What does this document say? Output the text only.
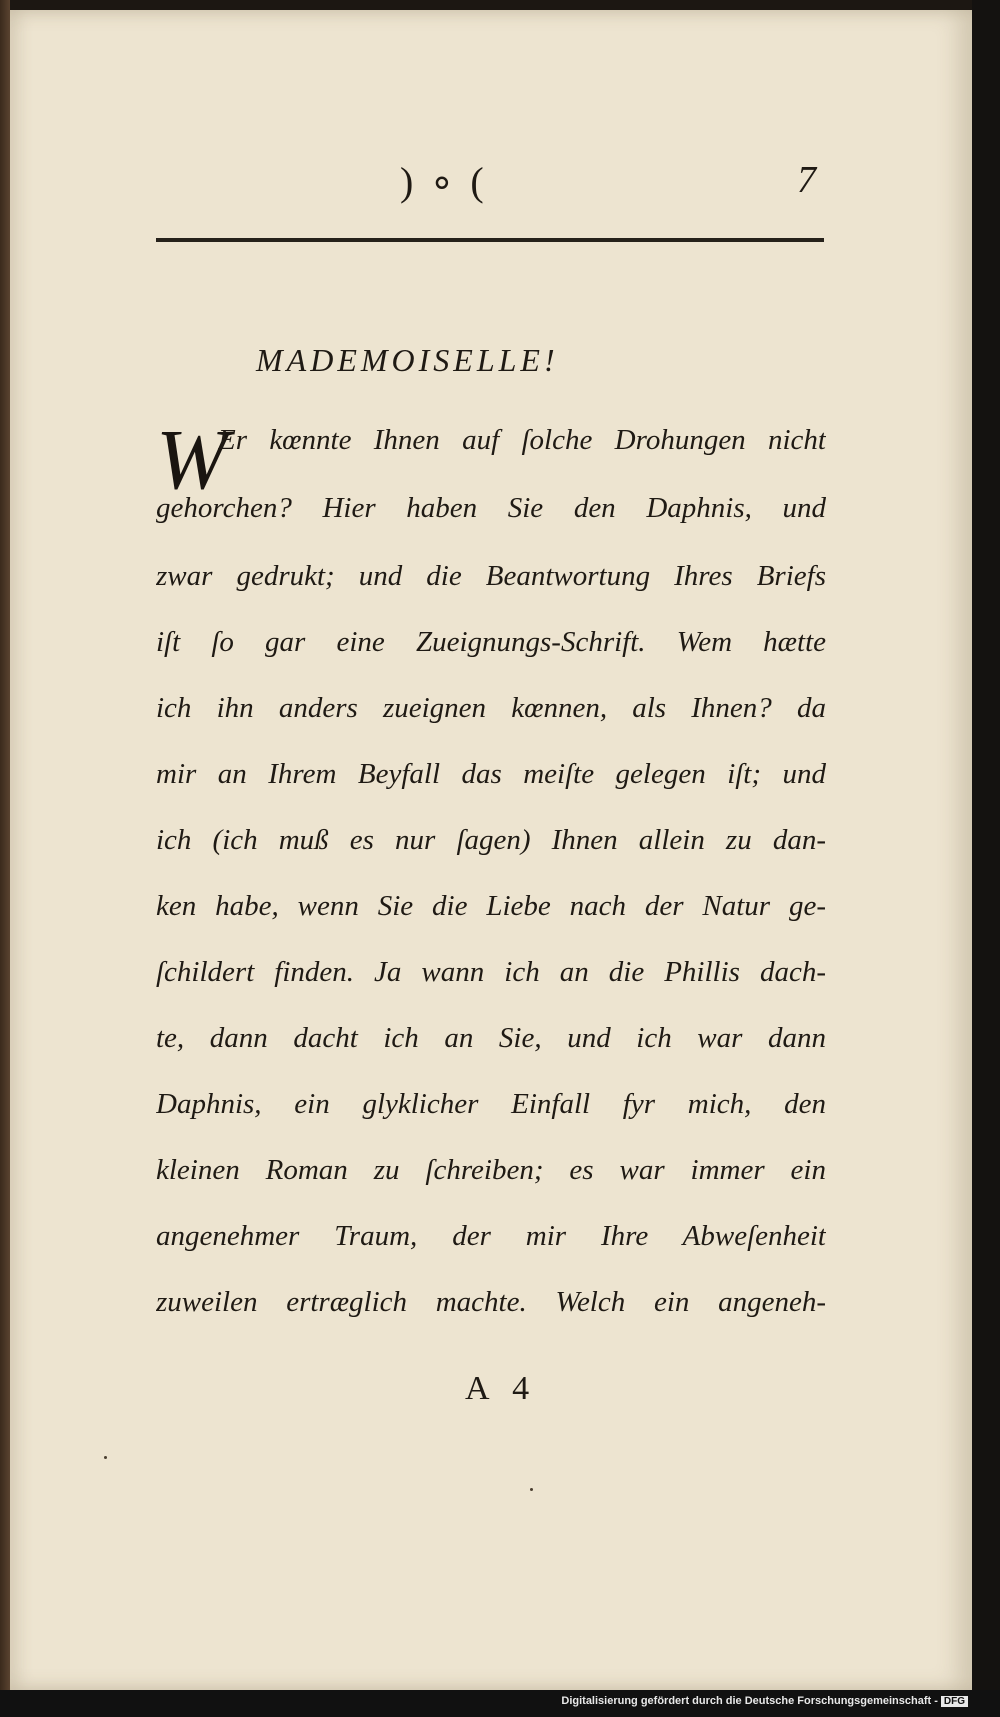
)∘(	7
MADEMOISELLE!
W
Er kœnnte Ihnen auf ſolche Drohungen nicht
gehorchen? Hier haben Sie den Daphnis, und
zwar gedrukt; und die Beantwortung Ihres Briefs
iſt ſo gar eine Zueignungs-Schrift. Wem hætte
ich ihn anders zueignen kœnnen, als Ihnen? da
mir an Ihrem Beyfall das meiſte gelegen iſt; und
ich (ich muß es nur ſagen) Ihnen allein zu dan-
ken habe, wenn Sie die Liebe nach der Natur ge-
ſchildert finden. Ja wann ich an die Phillis dach-
te, dann dacht ich an Sie, und ich war dann
Daphnis, ein glyklicher Einfall fyr mich, den
kleinen Roman zu ſchreiben; es war immer ein
angenehmer Traum, der mir Ihre Abweſenheit
zuweilen ertræglich machte. Welch ein angeneh-
A 4
Digitalisierung gefördert durch die Deutsche Forschungsgemeinschaft - DFG
